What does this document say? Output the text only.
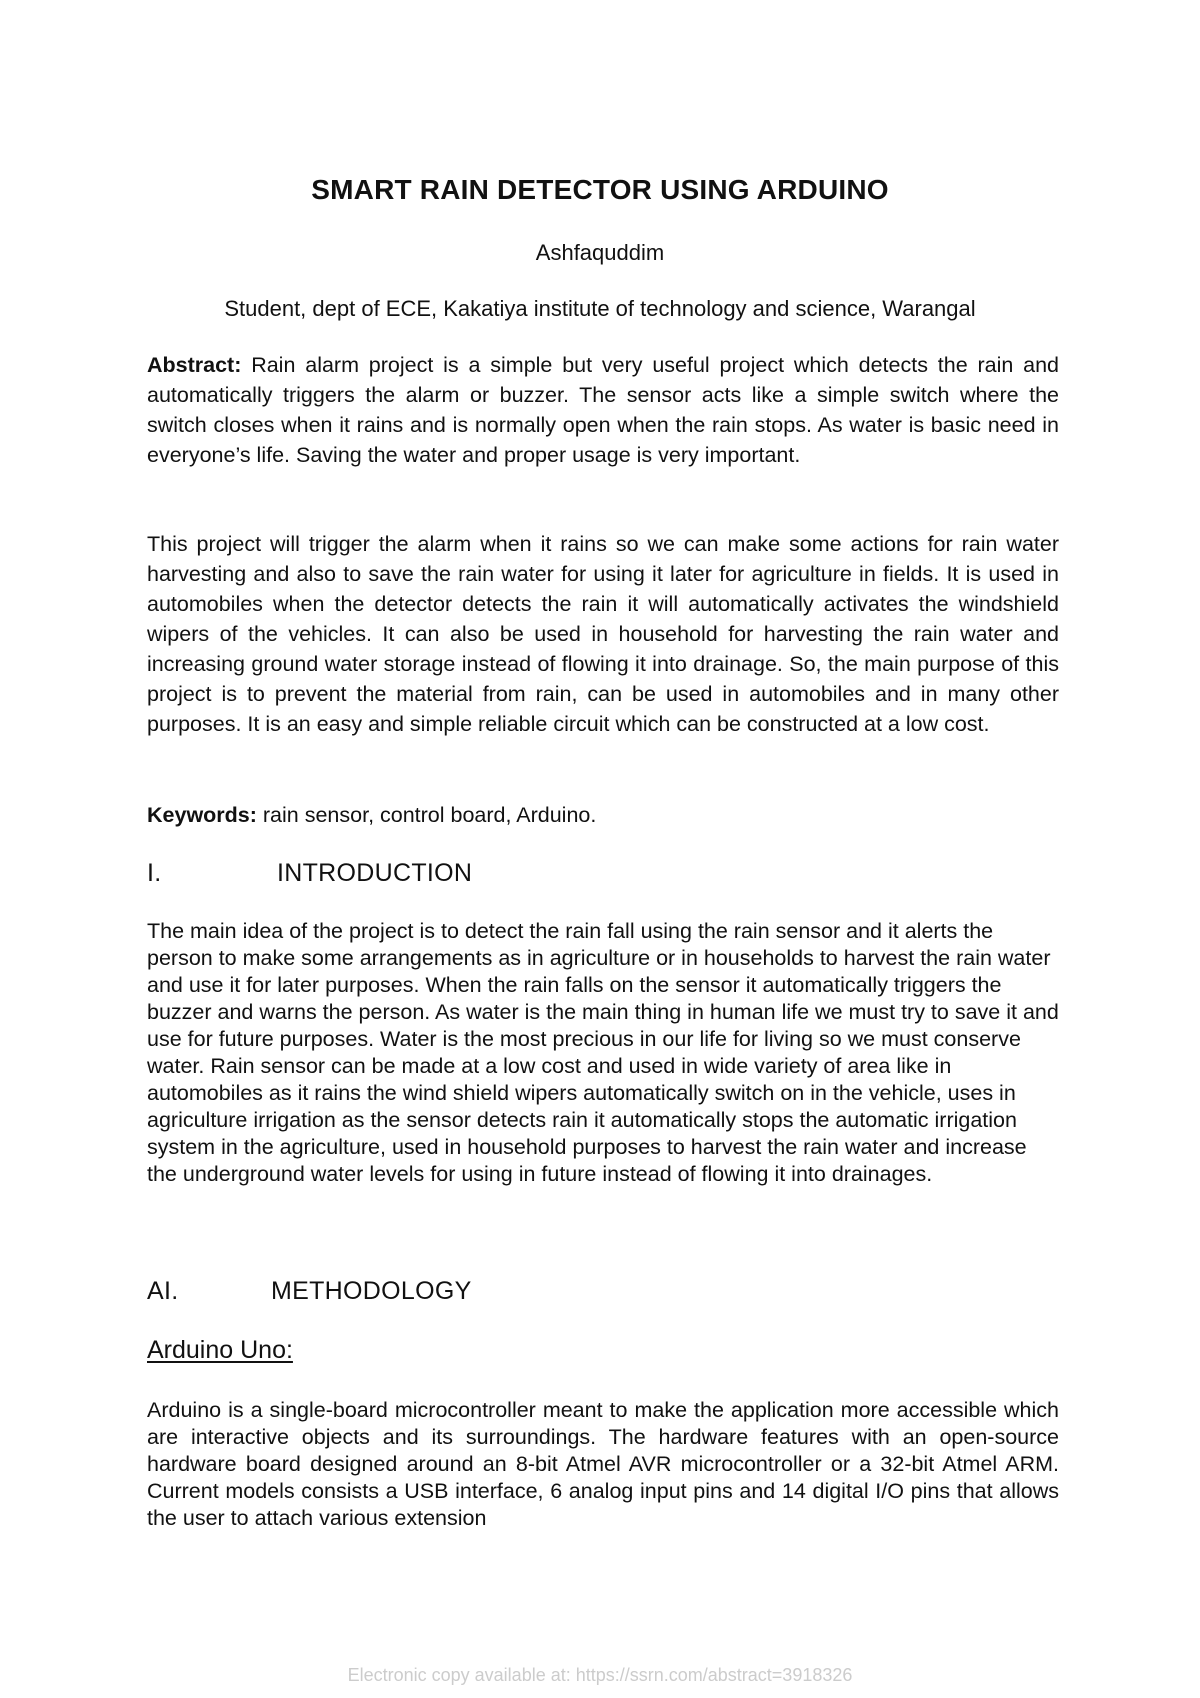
SMART RAIN DETECTOR USING ARDUINO
Ashfaquddim
Student, dept of ECE, Kakatiya institute of technology and science, Warangal

Abstract: Rain alarm project is a simple but very useful project which detects the rain and automatically triggers the alarm or buzzer. The sensor acts like a simple switch where the switch closes when it rains and is normally open when the rain stops. As water is basic need in everyone’s life. Saving the water and proper usage is very important.

This project will trigger the alarm when it rains so we can make some actions for rain water harvesting and also to save the rain water for using it later for agriculture in fields. It is used in automobiles when the detector detects the rain it will automatically activates the windshield wipers of the vehicles. It can also be used in household for harvesting the rain water and increasing ground water storage instead of flowing it into drainage. So, the main purpose of this project is to prevent the material from rain, can be used in automobiles and in many other purposes. It is an easy and simple reliable circuit which can be constructed at a low cost.

Keywords: rain sensor, control board, Arduino.

I.	INTRODUCTION

The main idea of the project is to detect the rain fall using the rain sensor and it alerts the person to make some arrangements as in agriculture or in households to harvest the rain water and use it for later purposes. When the rain falls on the sensor it automatically triggers the buzzer and warns the person. As water is the main thing in human life we must try to save it and use for future purposes. Water is the most precious in our life for living so we must conserve water. Rain sensor can be made at a low cost and used in wide variety of area like in automobiles as it rains the wind shield wipers automatically switch on in the vehicle, uses in agriculture irrigation as the sensor detects rain it automatically stops the automatic irrigation system in the agriculture, used in household purposes to harvest the rain water and increase the underground water levels for using in future instead of flowing it into drainages.

AI.	METHODOLOGY
Arduino Uno:

Arduino is a single-board microcontroller meant to make the application more accessible which are interactive objects and its surroundings. The hardware features with an open-source hardware board designed around an 8-bit Atmel AVR microcontroller or a 32-bit Atmel ARM. Current models consists a USB interface, 6 analog input pins and 14 digital I/O pins that allows the user to attach various extension

Electronic copy available at: https://ssrn.com/abstract=3918326
